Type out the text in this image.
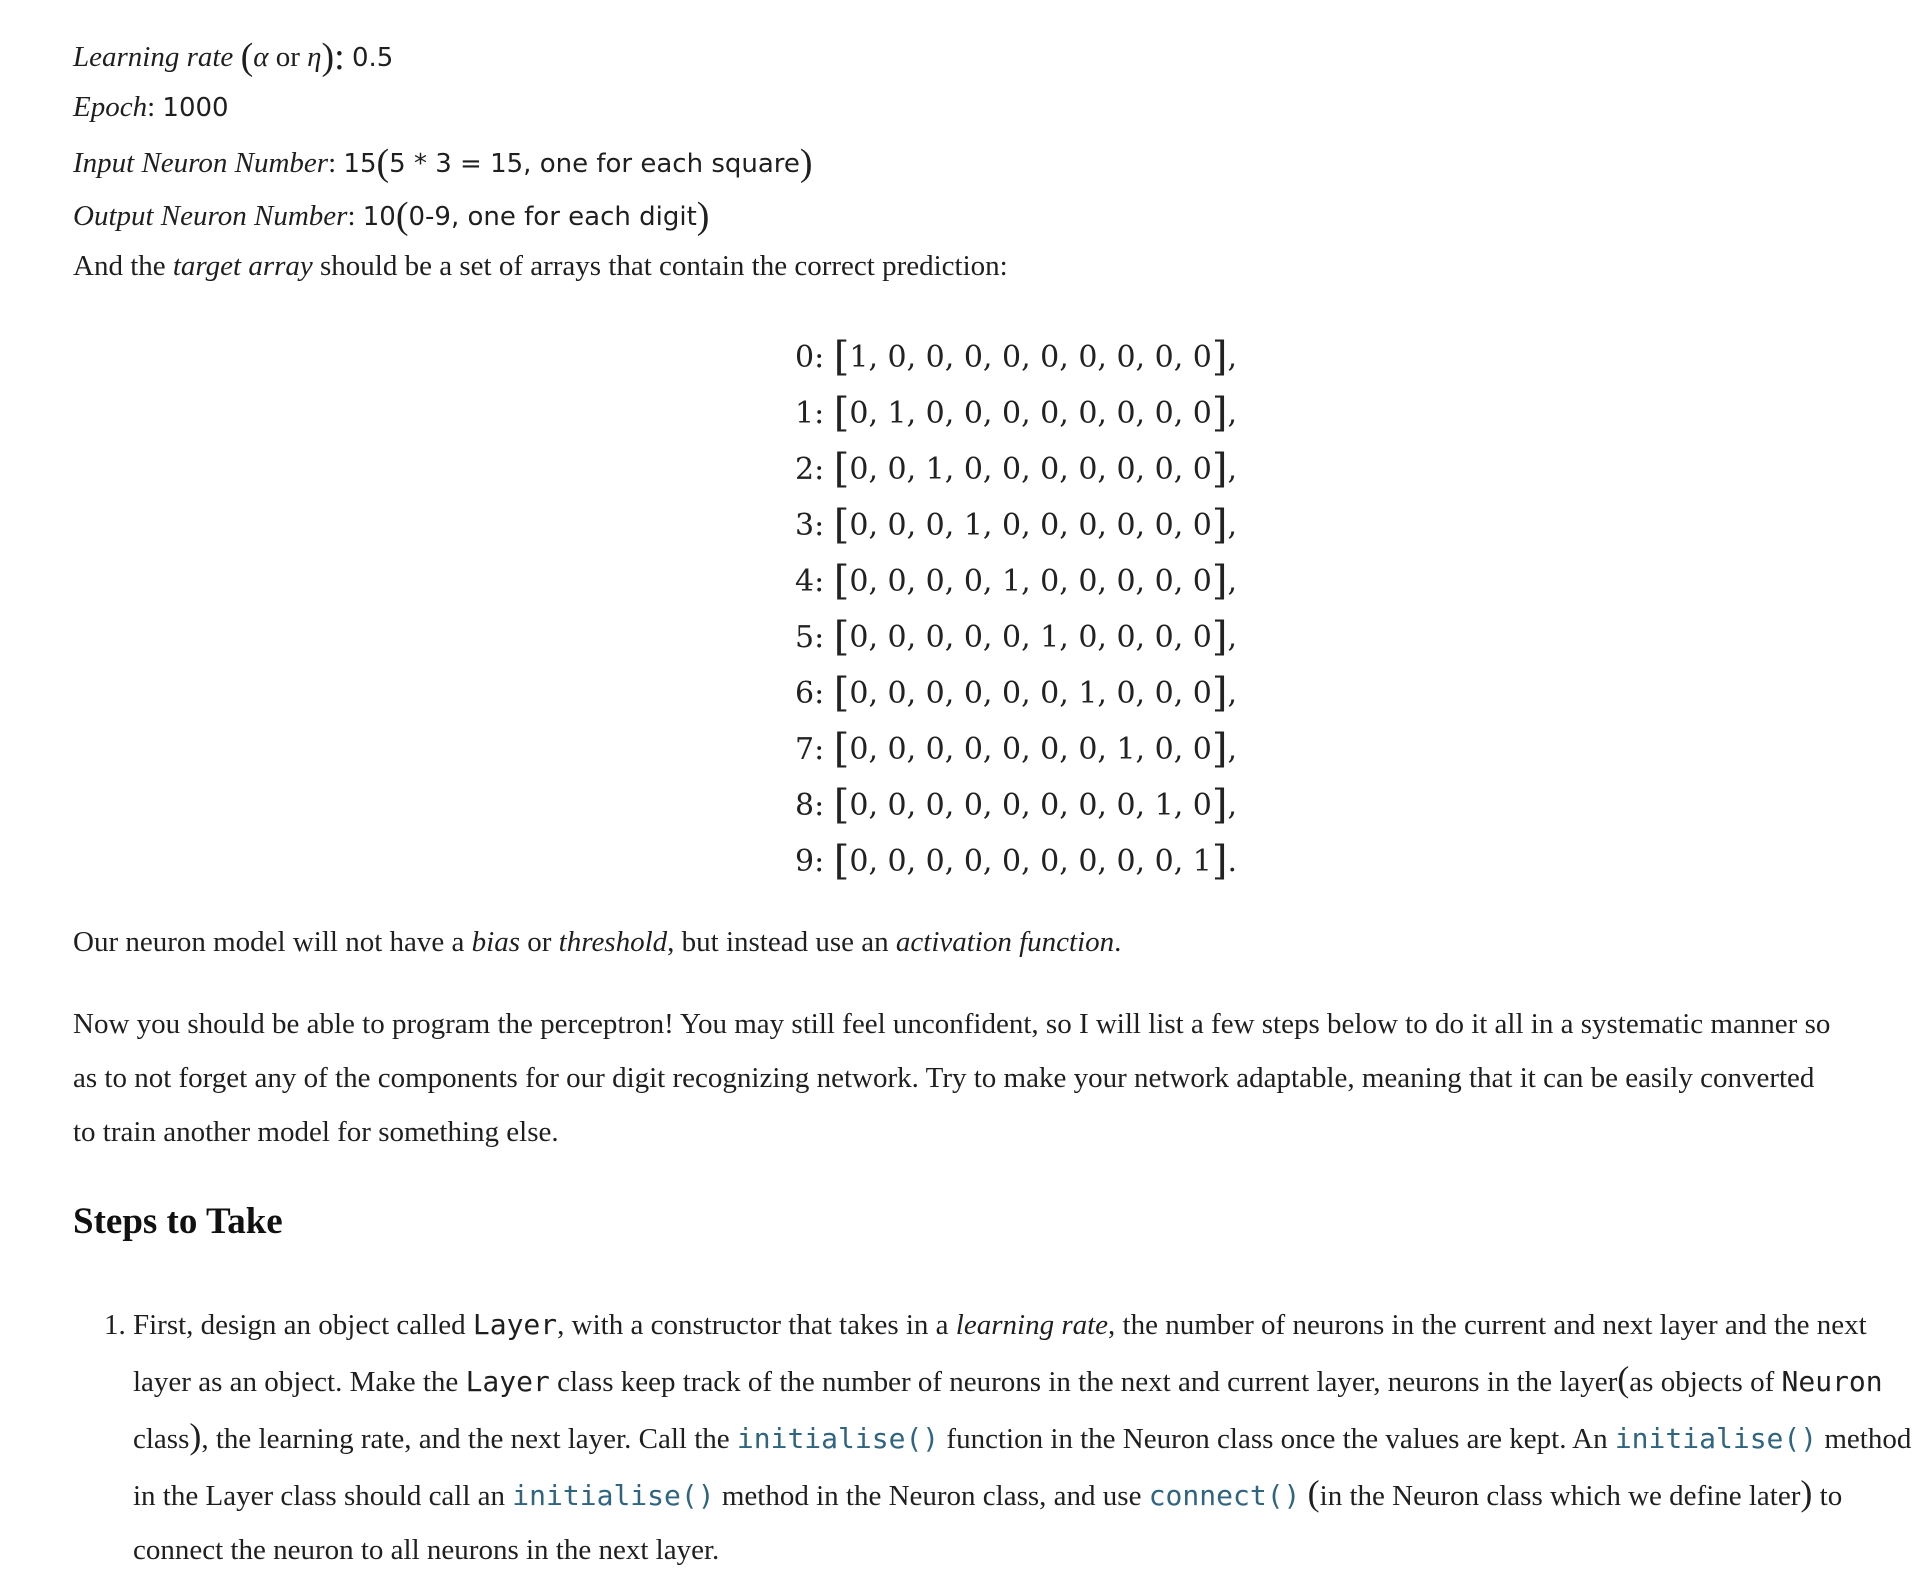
Learning rate (α or η): 0.5
Epoch: 1000
Input Neuron Number: 15(5 * 3 = 15, one for each square)
Output Neuron Number: 10(0-9, one for each digit)
And the target array should be a set of arrays that contain the correct prediction:
0: [1, 0, 0, 0, 0, 0, 0, 0, 0, 0],
1: [0, 1, 0, 0, 0, 0, 0, 0, 0, 0],
2: [0, 0, 1, 0, 0, 0, 0, 0, 0, 0],
3: [0, 0, 0, 1, 0, 0, 0, 0, 0, 0],
4: [0, 0, 0, 0, 1, 0, 0, 0, 0, 0],
5: [0, 0, 0, 0, 0, 1, 0, 0, 0, 0],
6: [0, 0, 0, 0, 0, 0, 1, 0, 0, 0],
7: [0, 0, 0, 0, 0, 0, 0, 1, 0, 0],
8: [0, 0, 0, 0, 0, 0, 0, 0, 1, 0],
9: [0, 0, 0, 0, 0, 0, 0, 0, 0, 1].
Our neuron model will not have a bias or threshold, but instead use an activation function.

Now you should be able to program the perceptron! You may still feel unconfident, so I will list a few steps below to do it all in a systematic manner so as to not forget any of the components for our digit recognizing network. Try to make your network adaptable, meaning that it can be easily converted to train another model for something else.

Steps to Take
1. First, design an object called Layer, with a constructor that takes in a learning rate, the number of neurons in the current and next layer and the next layer as an object. Make the Layer class keep track of the number of neurons in the next and current layer, neurons in the layer(as objects of Neuron class), the learning rate, and the next layer. Call the initialise() function in the Neuron class once the values are kept. An initialise() method in the Layer class should call an initialise() method in the Neuron class, and use connect() (in the Neuron class which we define later) to connect the neuron to all neurons in the next layer.
